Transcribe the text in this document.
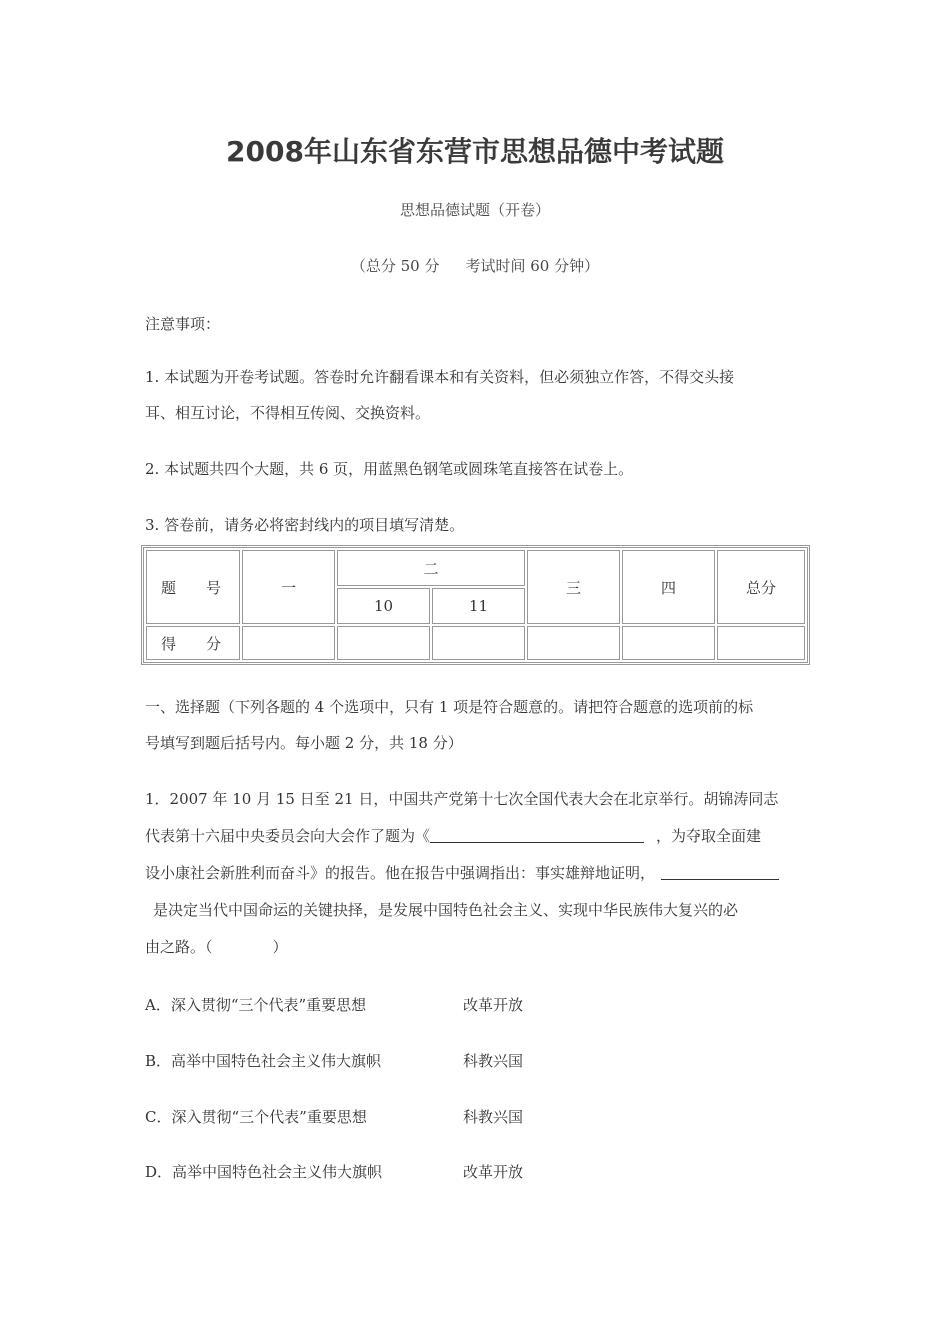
2008年山东省东营市思想品德中考试题
思想品德试题（开卷）
（总分 50 分 考试时间 60 分钟）
注意事项：
1. 本试题为开卷考试题。答卷时允许翻看课本和有关资料，但必须独立作答，不得交头接
耳、相互讨论，不得相互传阅、交换资料。
2. 本试题共四个大题，共 6 页，用蓝黑色钢笔或圆珠笔直接答在试卷上。
3. 答卷前，请务必将密封线内的项目填写清楚。
题　　号	一	二		三	四	总分
		10	11			
得　　分						
一、选择题（下列各题的 4 个选项中，只有 1 项是符合题意的。请把符合题意的选项前的标
号填写到题后括号内。每小题 2 分，共 18 分）
1．2007 年 10 月 15 日至 21 日，中国共产党第十七次全国代表大会在北京举行。胡锦涛同志
代表第十六届中央委员会向大会作了题为《	，为夺取全面建
设小康社会新胜利而奋斗》的报告。他在报告中强调指出：事实雄辩地证明，
是决定当代中国命运的关键抉择，是发展中国特色社会主义、实现中华民族伟大复兴的必
由之路。（　　　　）
A．深入贯彻“三个代表”重要思想	改革开放
B．高举中国特色社会主义伟大旗帜	科教兴国
C．深入贯彻“三个代表”重要思想	科教兴国
D．高举中国特色社会主义伟大旗帜	改革开放
